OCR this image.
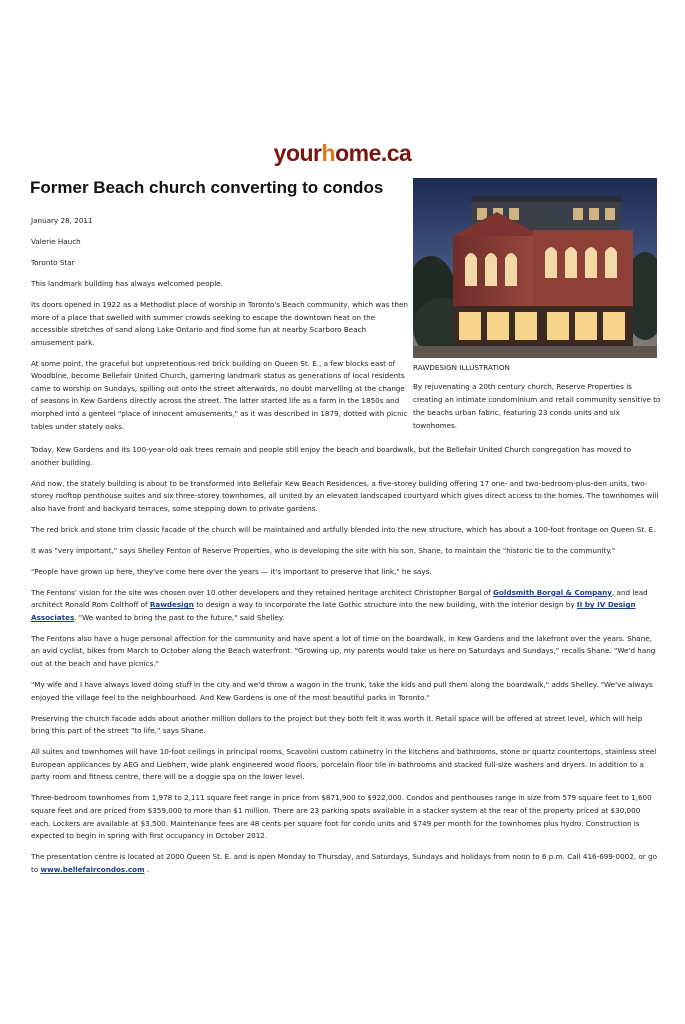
yourhome.ca
Former Beach church converting to condos
RAWDESIGN ILLUSTRATION
By rejuvenating a 20th century church, Reserve Properties is creating an intimate condominium and retail community sensitive to the beachs urban fabric, featuring 23 condo units and six townhomes.

January 28, 2011

Valerie Hauch

Toronto Star

This landmark building has always welcomed people.

Its doors opened in 1922 as a Methodist place of worship in Toronto's Beach community, which was then more of a place that swelled with summer crowds seeking to escape the downtown heat on the accessible stretches of sand along Lake Ontario and find some fun at nearby Scarboro Beach amusement park.

At some point, the graceful but unpretentious red brick building on Queen St. E., a few blocks east of Woodbine, become Bellefair United Church, garnering landmark status as generations of local residents came to worship on Sundays, spilling out onto the street afterwards, no doubt marvelling at the change of seasons in Kew Gardens directly across the street. The latter started life as a farm in the 1850s and morphed into a genteel "place of innocent amusements," as it was described in 1879, dotted with picnic tables under stately oaks.

Today, Kew Gardens and its 100-year-old oak trees remain and people still enjoy the beach and boardwalk, but the Bellefair United Church congregation has moved to another building.

And now, the stately building is about to be transformed into Bellefair Kew Beach Residences, a five-storey building offering 17 one- and two-bedroom-plus-den units, two-storey rooftop penthouse suites and six three-storey townhomes, all united by an elevated landscaped courtyard which gives direct access to the homes. The townhomes will also have front and backyard terraces, some stepping down to private gardens.

The red brick and stone trim classic facade of the church will be maintained and artfully blended into the new structure, which has about a 100-foot frontage on Queen St. E.

It was "very important," says Shelley Fenton of Reserve Properties, who is developing the site with his son, Shane, to maintain the "historic tie to the community."

"People have grown up here, they've come here over the years — it's important to preserve that link," he says.

The Fentons' vision for the site was chosen over 10 other developers and they retained heritage architect Christopher Borgal of Goldsmith Borgal & Company, and lead architect Ronald Rom Colthoff of Rawdesign to design a way to incorporate the late Gothic structure into the new building, with the interior design by II by IV Design Associates. "We wanted to bring the past to the future," said Shelley.

The Fentons also have a huge personal affection for the community and have spent a lot of time on the boardwalk, in Kew Gardens and the lakefront over the years. Shane, an avid cyclist, bikes from March to October along the Beach waterfront. "Growing up, my parents would take us here on Saturdays and Sundays," recalls Shane. "We'd hang out at the beach and have picnics."

"My wife and I have always loved doing stuff in the city and we'd throw a wagon in the trunk, take the kids and pull them along the boardwalk," adds Shelley. "We've always enjoyed the village feel to the neighbourhood. And Kew Gardens is one of the most beautiful parks in Toronto."

Preserving the church facade adds about another million dollars to the project but they both felt it was worth it. Retail space will be offered at street level, which will help bring this part of the street "to life," says Shane.

All suites and townhomes will have 10-foot ceilings in principal rooms, Scavolini custom cabinetry in the kitchens and bathrooms, stone or quartz countertops, stainless steel European applicances by AEG and Liebherr, wide plank engineered wood floors, porcelain floor tile in bathrooms and stacked full-size washers and dryers. In addition to a party room and fitness centre, there will be a doggie spa on the lower level.

Three-bedroom townhomes from 1,978 to 2,111 square feet range in price from $871,900 to $922,000. Condos and penthouses range in size from 579 square feet to 1,600 square feet and are priced from $359,000 to more than $1 million. There are 23 parking spots available in a stacker system at the rear of the property priced at $30,000 each. Lockers are available at $3,500. Maintenance fees are 48 cents per square foot for condo units and $749 per month for the townhomes plus hydro. Construction is expected to begin in spring with first occupancy in October 2012.

The presentation centre is located at 2000 Queen St. E. and is open Monday to Thursday, and Saturdays, Sundays and holidays from noon to 6 p.m. Call 416-699-0002, or go to www.bellefaircondos.com .
